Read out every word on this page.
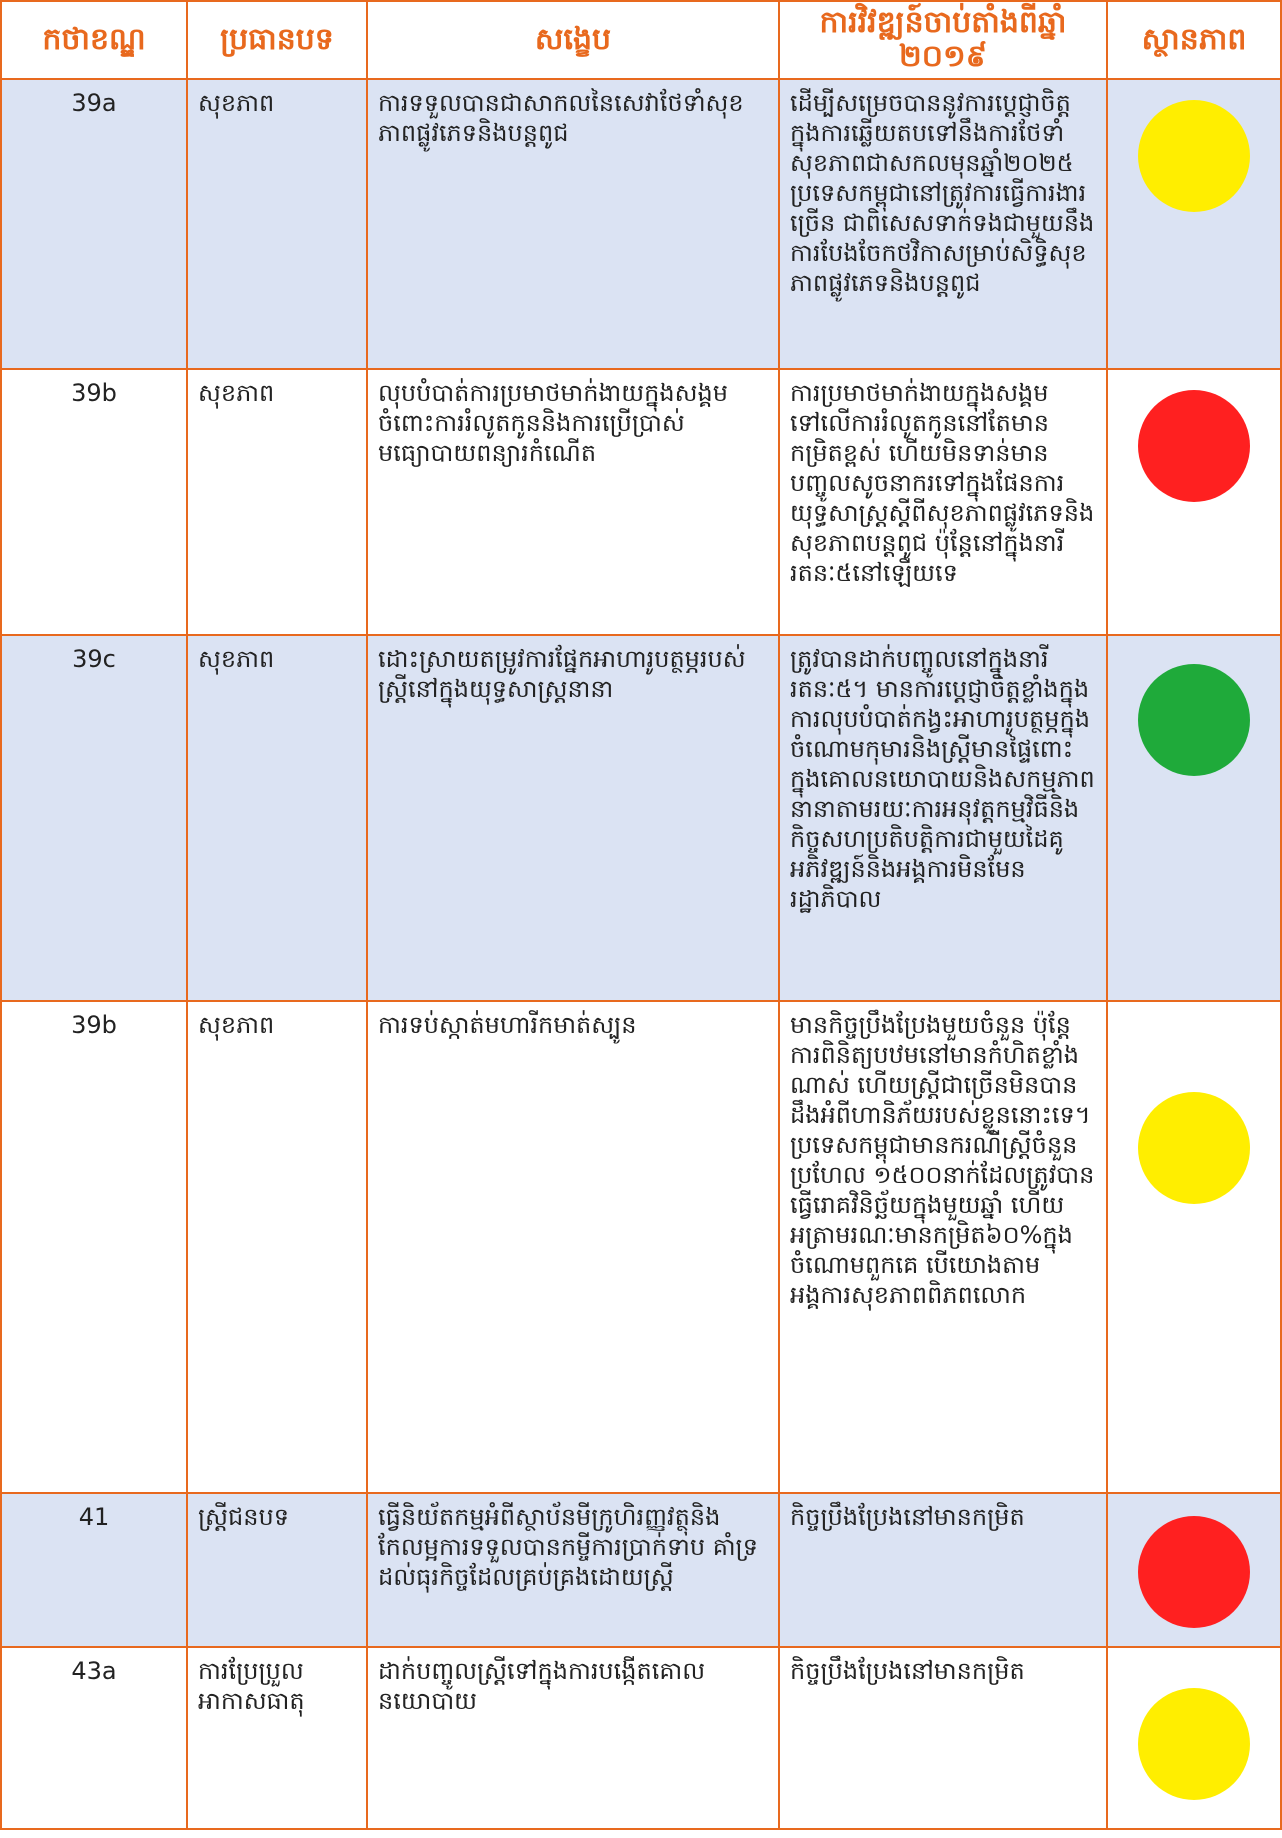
កថាខណ្ឌ	ប្រធានបទ	សង្ខេប	ការវិវឌ្ឍន៍ចាប់តាំងពីឆ្នាំ ២០១៩	ស្ថានភាព
39a	សុខភាព	ការទទួលបានជាសាកលនៃសេវាថែទាំសុខភាពផ្លូវភេទនិងបន្តពូជ	ដើម្បីសម្រេចបាននូវការប្តេជ្ញាចិត្តក្នុងការឆ្លើយតបទៅនឹងការថែទាំសុខភាពជាសកលមុនឆ្នាំ២០២៥ ប្រទេសកម្ពុជានៅត្រូវការធ្វើការងារច្រើន ជាពិសេសទាក់ទងជាមួយនឹងការបែងចែកថវិកាសម្រាប់សិទ្ធិសុខភាពផ្លូវភេទនិងបន្តពូជ	

39b	សុខភាព	លុបបំបាត់ការប្រមាថមាក់ងាយក្នុងសង្គមចំពោះការរំលូតកូននិងការប្រើប្រាស់មធ្យោបាយពន្យារកំណើត	ការប្រមាថមាក់ងាយក្នុងសង្គមទៅលើការរំលូតកូននៅតែមានកម្រិតខ្ពស់ ហើយមិនទាន់មានបញ្ចូលសូចនាករទៅក្នុងផែនការយុទ្ធសាស្រ្តស្តីពីសុខភាពផ្លូវភេទនិងសុខភាពបន្តពូជ ប៉ុន្តែនៅក្នុងនារីរតនៈ៥នៅឡើយទេ	

39c	សុខភាព	ដោះស្រាយតម្រូវការផ្នែកអាហារូបត្ថម្ភរបស់ស្ត្រីនៅក្នុងយុទ្ធសាស្រ្តនានា	ត្រូវបានដាក់បញ្ចូលនៅក្នុងនារីរតនៈ៥។ មានការប្តេជ្ញាចិត្តខ្លាំងក្នុងការលុបបំបាត់កង្វះអាហារូបត្ថម្ភក្នុងចំណោមកុមារនិងស្ត្រីមានផ្ទៃពោះក្នុងគោលនយោបាយនិងសកម្មភាពនានាតាមរយៈការអនុវត្តកម្មវិធីនិងកិច្ចសហប្រតិបត្តិការជាមួយដៃគូអភិវឌ្ឍន៍និងអង្គការមិនមែនរដ្ឋាភិបាល	

39b	សុខភាព	ការទប់ស្កាត់មហារីកមាត់ស្បូន	មានកិច្ចប្រឹងប្រែងមួយចំនួន ប៉ុន្តែការពិនិត្យបឋមនៅមានកំហិតខ្លាំងណាស់ ហើយស្ត្រីជាច្រើនមិនបានដឹងអំពីហានិភ័យរបស់ខ្លួននោះទេ។ ប្រទេសកម្ពុជាមានករណីស្ត្រីចំនួនប្រហែល ១៥០០នាក់ដែលត្រូវបានធ្វើរោគវិនិច្ឆ័យក្នុងមួយឆ្នាំ ហើយអត្រាមរណៈមានកម្រិត៦០%ក្នុងចំណោមពួកគេ បើយោងតាមអង្គការសុខភាពពិភពលោក	

41	ស្ត្រីជនបទ	ធ្វើនិយ័តកម្មអំពីស្ថាប័នមីក្រូហិរញ្ញវត្ថុនិងកែលម្អការទទួលបានកម្ចីការប្រាក់ទាប គាំទ្រដល់ធុរកិច្ចដែលគ្រប់គ្រងដោយស្ត្រី	កិច្ចប្រឹងប្រែងនៅមានកម្រិត	

43a	ការប្រែប្រួលអាកាសធាតុ	ដាក់បញ្ចូលស្ត្រីទៅក្នុងការបង្កើតគោលនយោបាយ	កិច្ចប្រឹងប្រែងនៅមានកម្រិត	
